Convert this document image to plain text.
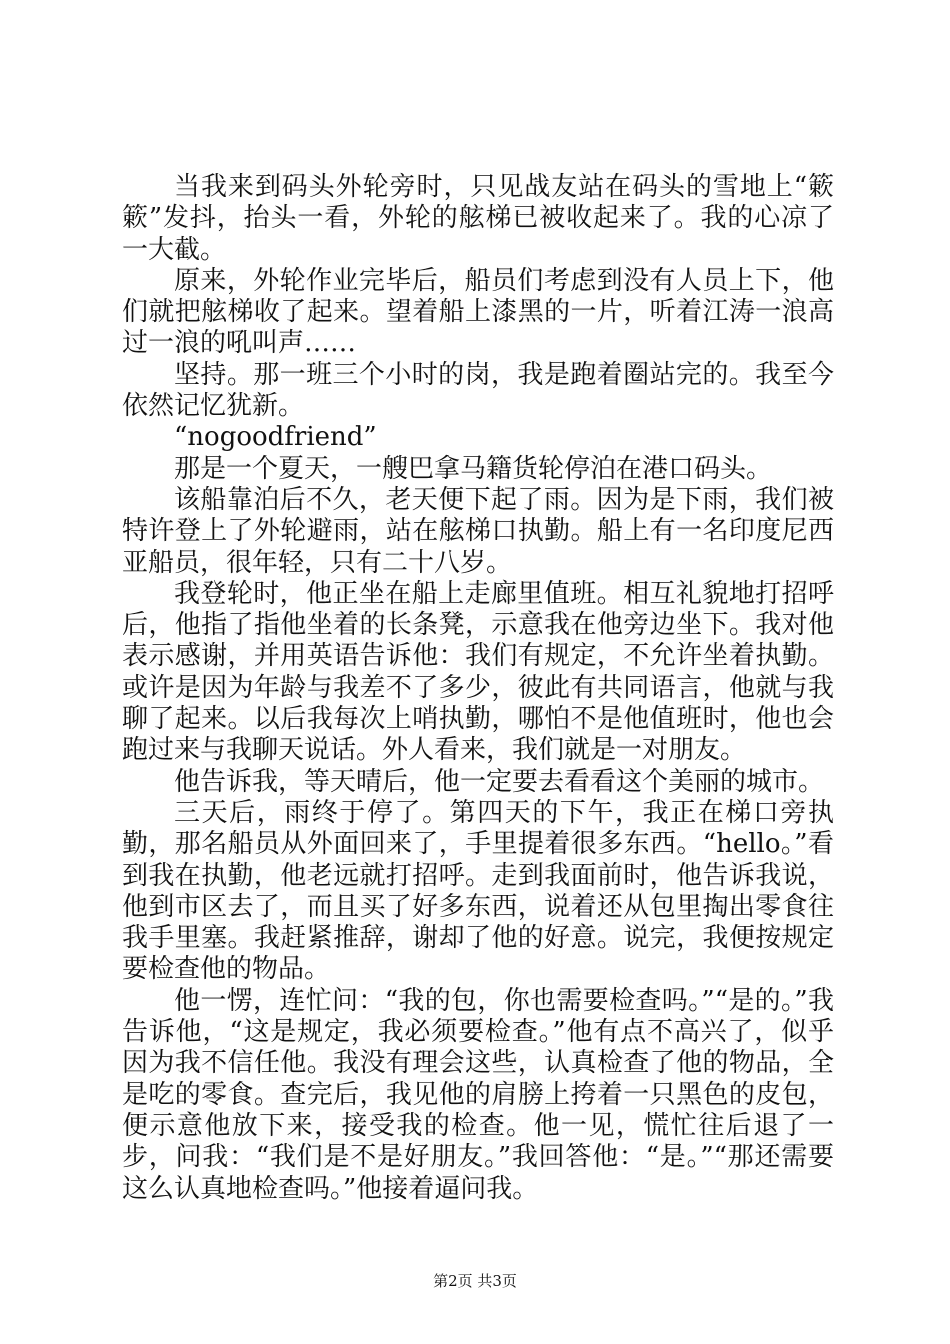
当我来到码头外轮旁时，只见战友站在码头的雪地上“簌簌”发抖，抬头一看，外轮的舷梯已被收起来了。我的心凉了一大截。

原来，外轮作业完毕后，船员们考虑到没有人员上下，他们就把舷梯收了起来。望着船上漆黑的一片，听着江涛一浪高过一浪的吼叫声……

坚持。那一班三个小时的岗，我是跑着圈站完的。我至今依然记忆犹新。

“nogoodfriend”

那是一个夏天，一艘巴拿马籍货轮停泊在港口码头。

该船靠泊后不久，老天便下起了雨。因为是下雨，我们被特许登上了外轮避雨，站在舷梯口执勤。船上有一名印度尼西亚船员，很年轻，只有二十八岁。

我登轮时，他正坐在船上走廊里值班。相互礼貌地打招呼后，他指了指他坐着的长条凳，示意我在他旁边坐下。我对他表示感谢，并用英语告诉他：我们有规定，不允许坐着执勤。或许是因为年龄与我差不了多少，彼此有共同语言，他就与我聊了起来。以后我每次上哨执勤，哪怕不是他值班时，他也会跑过来与我聊天说话。外人看来，我们就是一对朋友。

他告诉我，等天晴后，他一定要去看看这个美丽的城市。

三天后，雨终于停了。第四天的下午，我正在梯口旁执勤，那名船员从外面回来了，手里提着很多东西。“hello。”看到我在执勤，他老远就打招呼。走到我面前时，他告诉我说，他到市区去了，而且买了好多东西，说着还从包里掏出零食往我手里塞。我赶紧推辞，谢却了他的好意。说完，我便按规定要检查他的物品。

他一愣，连忙问：“我的包，你也需要检查吗。”“是的。”我告诉他，“这是规定，我必须要检查。”他有点不高兴了，似乎因为我不信任他。我没有理会这些，认真检查了他的物品，全是吃的零食。查完后，我见他的肩膀上挎着一只黑色的皮包，便示意他放下来，接受我的检查。他一见，慌忙往后退了一步，问我：“我们是不是好朋友。”我回答他：“是。”“那还需要这么认真地检查吗。”他接着逼问我。

第2页 共3页
